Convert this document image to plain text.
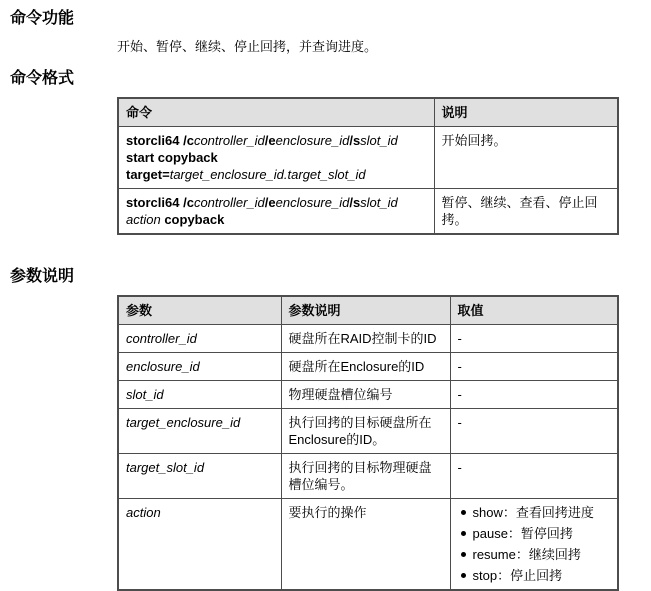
命令功能

开始、暂停、继续、停止回拷，并查询进度。

命令格式
命令	说明

storcli64 /ccontroller_id/eenclosure_id/sslot_id
start copyback
target=target_enclosure_id.target_slot_id	开始回拷。

storcli64 /ccontroller_id/eenclosure_id/sslot_id
action copyback	暂停、继续、查看、停止回拷。
参数说明
参数	参数说明	取值
controller_id	硬盘所在RAID控制卡的ID	-
enclosure_id	硬盘所在Enclosure的ID	-
slot_id	物理硬盘槽位编号	-
target_enclosure_id	执行回拷的目标硬盘所在Enclosure的ID。	-
target_slot_id	执行回拷的目标物理硬盘槽位编号。	-
action	要执行的操作	show：查看回拷进度
pause：暂停回拷
resume：继续回拷
stop：停止回拷
